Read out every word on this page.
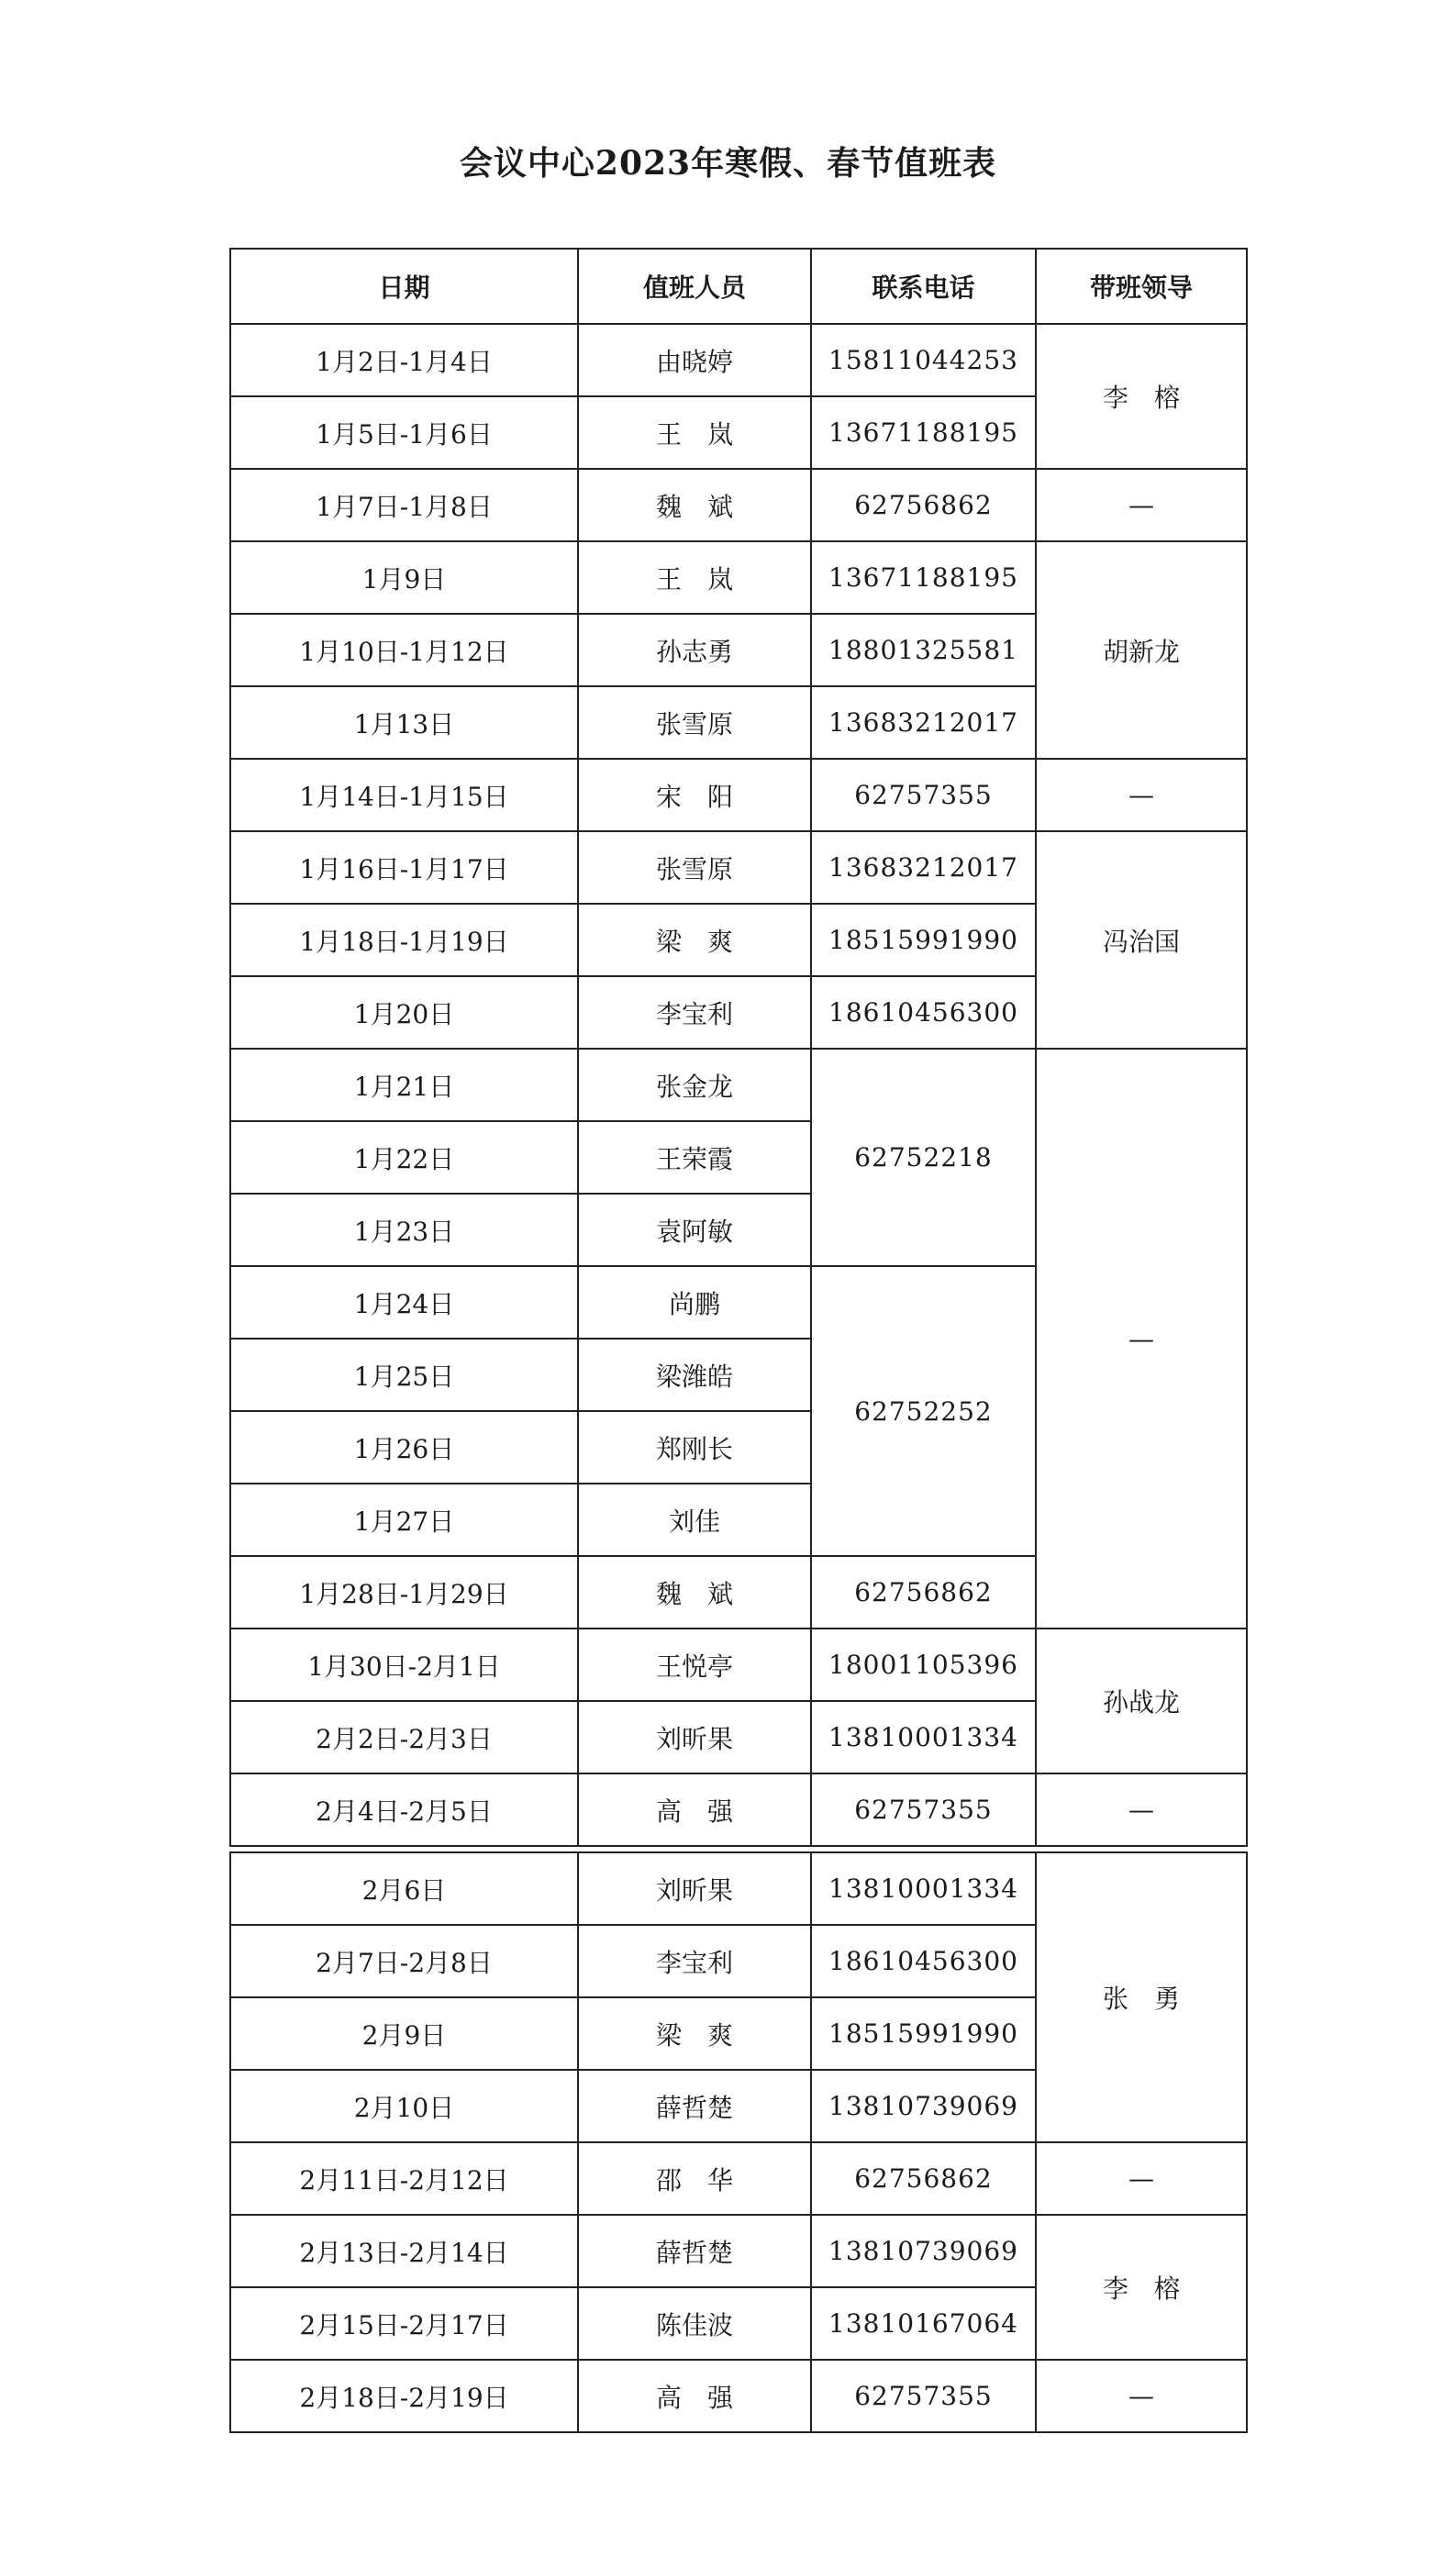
会议中心2023年寒假、春节值班表
日期	值班人员	联系电话	带班领导
1月2日-1月4日	由晓婷	15811044253	李　榕
1月5日-1月6日	王　岚	13671188195	
1月7日-1月8日	魏　斌	62756862	—
1月9日	王　岚	13671188195	胡新龙
1月10日-1月12日	孙志勇	18801325581	
1月13日	张雪原	13683212017	
1月14日-1月15日	宋　阳	62757355	—
1月16日-1月17日	张雪原	13683212017	冯治国
1月18日-1月19日	梁　爽	18515991990	
1月20日	李宝利	18610456300	
1月21日	张金龙	62752218	—
1月22日	王荣霞		
1月23日	袁阿敏		
1月24日	尚鹏	62752252	
1月25日	梁潍皓		
1月26日	郑刚长		
1月27日	刘佳		
1月28日-1月29日	魏　斌	62756862	
1月30日-2月1日	王悦亭	18001105396	孙战龙
2月2日-2月3日	刘昕果	13810001334	
2月4日-2月5日	高　强	62757355	—
2月6日	刘昕果	13810001334	张　勇
2月7日-2月8日	李宝利	18610456300	
2月9日	梁　爽	18515991990	
2月10日	薛哲楚	13810739069	
2月11日-2月12日	邵　华	62756862	—
2月13日-2月14日	薛哲楚	13810739069	李　榕
2月15日-2月17日	陈佳波	13810167064	
2月18日-2月19日	高　强	62757355	—
